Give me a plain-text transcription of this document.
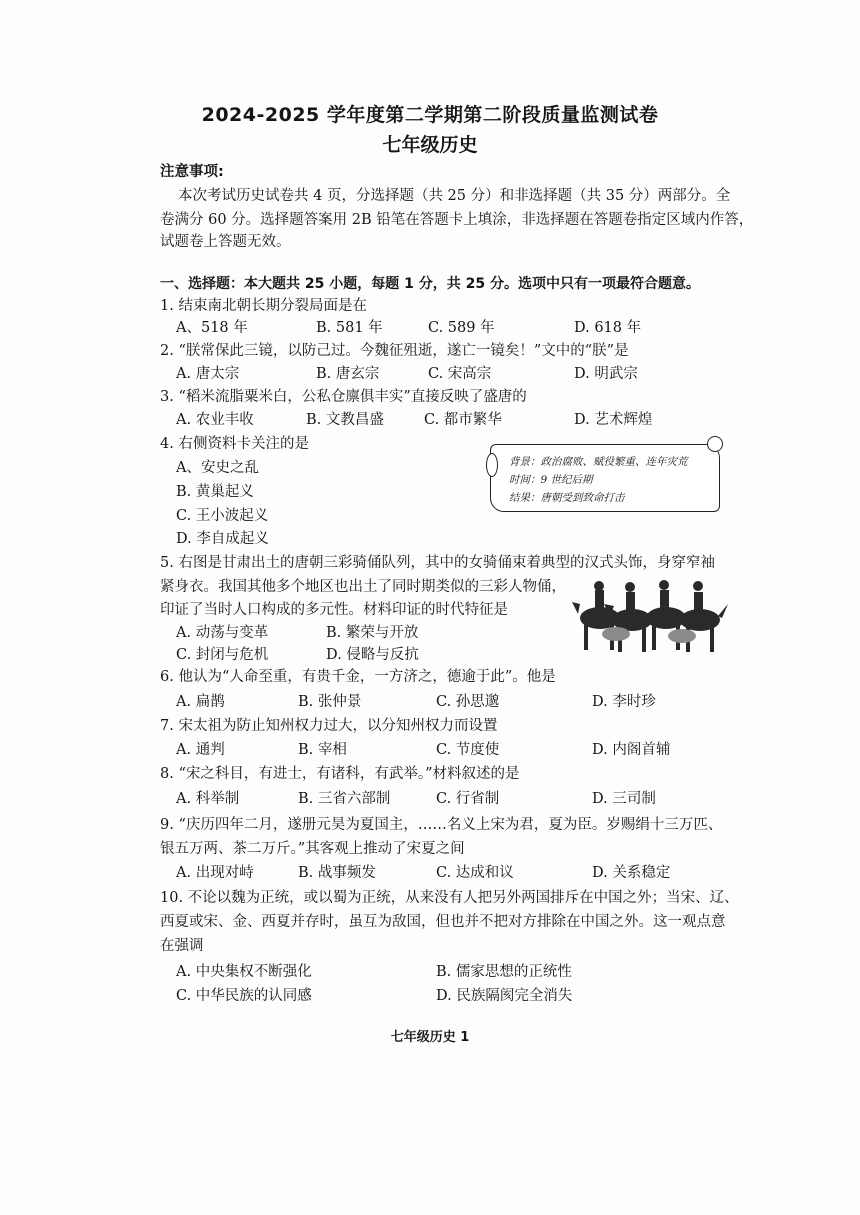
2024-2025 学年度第二学期第二阶段质量监测试卷
七年级历史
注意事项:
本次考试历史试卷共 4 页，分选择题（共 25 分）和非选择题（共 35 分）两部分。全
卷满分 60 分。选择题答案用 2B 铅笔在答题卡上填涂，非选择题在答题卷指定区域内作答，
试题卷上答题无效。
一、选择题：本大题共 25 小题，每题 1 分，共 25 分。选项中只有一项最符合题意。
1. 结束南北朝长期分裂局面是在
A、518 年	B. 581 年	C. 589 年	D. 618 年
2. “朕常保此三镜，以防己过。今魏征殂逝，遂亡一镜矣！”文中的“朕”是
A. 唐太宗	B. 唐玄宗	C. 宋高宗	D. 明武宗
3. “稻米流脂粟米白，公私仓廪俱丰实”直接反映了盛唐的
A. 农业丰收	B. 文教昌盛	C. 都市繁华	D. 艺术辉煌
4. 右侧资料卡关注的是
A、安史之乱
B. 黄巢起义
C. 王小波起义
D. 李自成起义
背景：政治腐败、赋役繁重、连年灾荒
时间：9 世纪后期
结果：唐朝受到致命打击
5. 右图是甘肃出土的唐朝三彩骑俑队列，其中的女骑俑束着典型的汉式头饰，身穿窄袖
紧身衣。我国其他多个地区也出土了同时期类似的三彩人物俑，
印证了当时人口构成的多元性。材料印证的时代特征是
A. 动荡与变革	B. 繁荣与开放
C. 封闭与危机	D. 侵略与反抗
6. 他认为“人命至重，有贵千金，一方济之，德逾于此”。他是
A. 扁鹊	B. 张仲景	C. 孙思邈	D. 李时珍
7. 宋太祖为防止知州权力过大，以分知州权力而设置
A. 通判	B. 宰相	C. 节度使	D. 内阁首辅
8. “宋之科目，有进士，有诸科，有武举。”材料叙述的是
A. 科举制	B. 三省六部制	C. 行省制	D. 三司制
9. “庆历四年二月，遂册元昊为夏国主，……名义上宋为君，夏为臣。岁赐绢十三万匹、
银五万两、茶二万斤。”其客观上推动了宋夏之间
A. 出现对峙	B. 战事频发	C. 达成和议	D. 关系稳定
10. 不论以魏为正统，或以蜀为正统，从来没有人把另外两国排斥在中国之外；当宋、辽、
西夏或宋、金、西夏并存时，虽互为敌国，但也并不把对方排除在中国之外。这一观点意
在强调
A. 中央集权不断强化	B. 儒家思想的正统性
C. 中华民族的认同感	D. 民族隔阂完全消失
七年级历史 1
